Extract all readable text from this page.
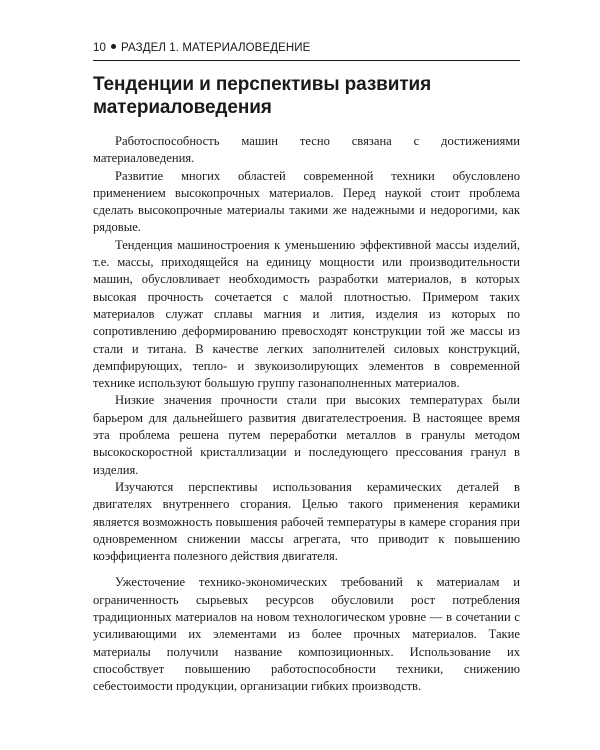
10 РАЗДЕЛ 1. МАТЕРИАЛОВЕДЕНИЕ
Тенденции и перспективы развития материаловедения

Работоспособность машин тесно связана с достижениями материаловедения.

Развитие многих областей современной техники обусловлено применением высокопрочных материалов. Перед наукой стоит проблема сделать высокопрочные материалы такими же надежными и недорогими, как рядовые.

Тенденция машиностроения к уменьшению эффективной массы изделий, т.е. массы, приходящейся на единицу мощности или производительности машин, обусловливает необходимость разработки материалов, в которых высокая прочность сочетается с малой плотностью. Примером таких материалов служат сплавы магния и лития, изделия из которых по сопротивлению деформированию превосходят конструкции той же массы из стали и титана. В качестве легких заполнителей силовых конструкций, демпфирующих, тепло- и звукоизолирующих элементов в современной технике используют большую группу газонаполненных материалов.

Низкие значения прочности стали при высоких температурах были барьером для дальнейшего развития двигателестроения. В настоящее время эта проблема решена путем переработки металлов в гранулы методом высокоскоростной кристаллизации и последующего прессования гранул в изделия.

Изучаются перспективы использования керамических деталей в двигателях внутреннего сгорания. Целью такого применения керамики является возможность повышения рабочей температуры в камере сгорания при одновременном снижении массы агрегата, что приводит к повышению коэффициента полезного действия двигателя.

Ужесточение технико-экономических требований к материалам и ограниченность сырьевых ресурсов обусловили рост потребления традиционных материалов на новом технологическом уровне — в сочетании с усиливающими их элементами из более прочных материалов. Такие материалы получили название композиционных. Использование их способствует повышению работоспособности техники, снижению себестоимости продукции, организации гибких производств.
